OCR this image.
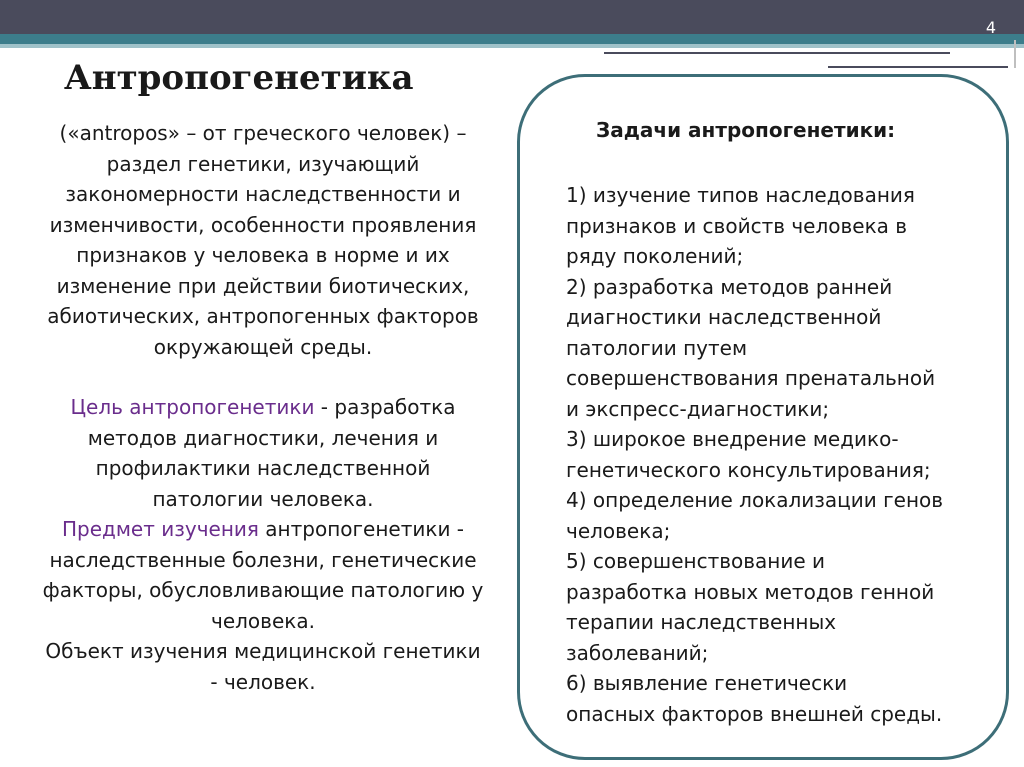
4
Антропогенетика

(«antropos» – от греческого человек) –

раздел генетики, изучающий

закономерности наследственности и

изменчивости, особенности проявления

признаков у человека в норме и их

изменение при действии биотических,

абиотических, антропогенных факторов

окружающей среды.

Цель антропогенетики - разработка

методов диагностики, лечения и

профилактики наследственной

патологии человека.

Предмет изучения антропогенетики -

наследственные болезни, генетические

факторы, обусловливающие патологию у

человека.

Объект изучения медицинской генетики

- человек.

Задачи антропогенетики:
1) изучение типов наследования
признаков и свойств человека в
ряду поколений;
2) разработка методов ранней
диагностики наследственной
патологии путем
совершенствования пренатальной
и экспресс-диагностики;
3) широкое внедрение медико-
генетического консультирования;
4) определение локализации генов
человека;
5) совершенствование и
разработка новых методов генной
терапии наследственных
заболеваний;
6) выявление генетически
опасных факторов внешней среды.
